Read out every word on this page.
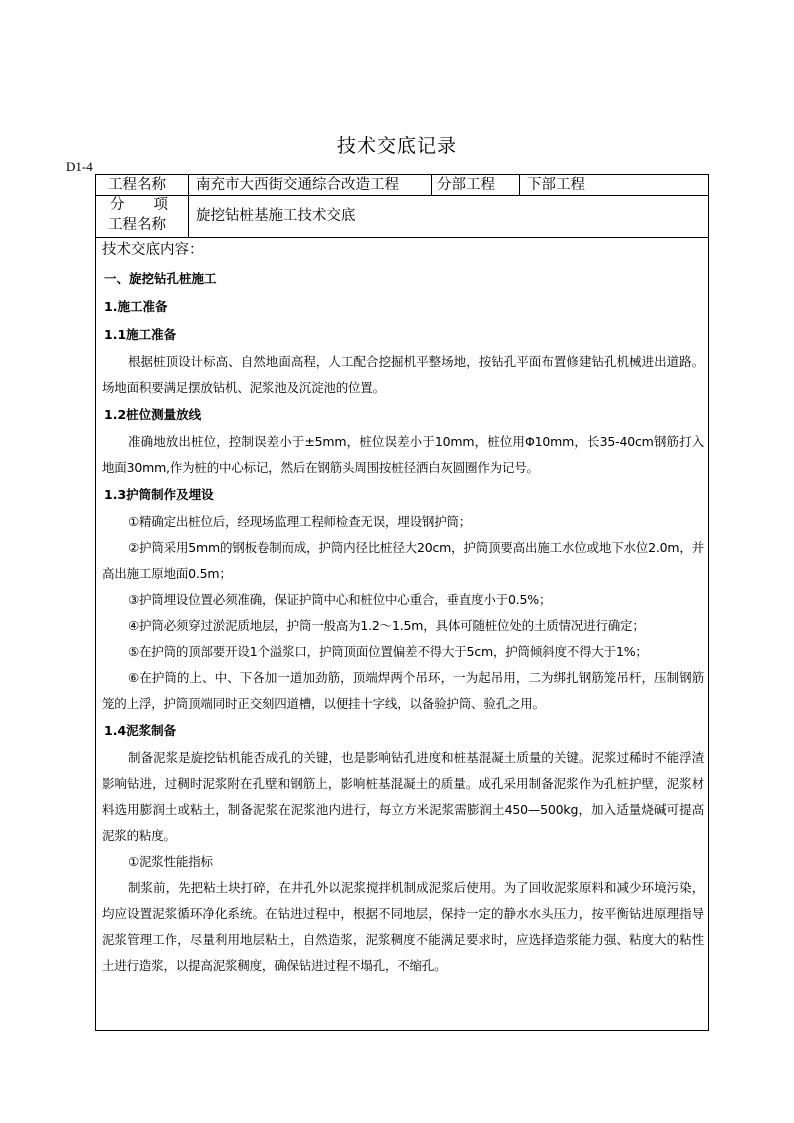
技术交底记录
D1-4
工程名称 南充市大西街交通综合改造工程	分部工程 下部工程
分　　项
工程名称
旋挖钻桩基施工技术交底
技术交底内容：
一、旋挖钻孔桩施工
1.施工准备
1.1施工准备

根据桩顶设计标高、自然地面高程，人工配合挖掘机平整场地，按钻孔平面布置修建钻孔机械进出道路。场地面积要满足摆放钻机、泥浆池及沉淀池的位置。

1.2桩位测量放线

准确地放出桩位，控制误差小于±5mm，桩位误差小于10mm，桩位用Φ10mm，长35-40cm钢筋打入地面30mm,作为桩的中心标记，然后在钢筋头周围按桩径洒白灰圆圈作为记号。

1.3护筒制作及埋设

①精确定出桩位后，经现场监理工程师检查无误，埋设钢护筒；

②护筒采用5mm的钢板卷制而成，护筒内径比桩径大20cm，护筒顶要高出施工水位或地下水位2.0m，并高出施工原地面0.5m；

③护筒埋设位置必须准确，保证护筒中心和桩位中心重合，垂直度小于0.5%；

④护筒必须穿过淤泥质地层，护筒一般高为1.2～1.5m，具体可随桩位处的土质情况进行确定；

⑤在护筒的顶部要开设1个溢浆口，护筒顶面位置偏差不得大于5cm，护筒倾斜度不得大于1%；

⑥在护筒的上、中、下各加一道加劲筋，顶端焊两个吊环，一为起吊用，二为绑扎钢筋笼吊杆，压制钢筋笼的上浮，护筒顶端同时正交刻四道槽，以便挂十字线，以备验护筒、验孔之用。

1.4泥浆制备

制备泥浆是旋挖钻机能否成孔的关键，也是影响钻孔进度和桩基混凝土质量的关键。泥浆过稀时不能浮渣影响钻进，过稠时泥浆附在孔壁和钢筋上，影响桩基混凝土的质量。成孔采用制备泥浆作为孔桩护壁，泥浆材料选用膨润土或粘土，制备泥浆在泥浆池内进行，每立方米泥浆需膨润土450—500kg，加入适量烧碱可提高泥浆的粘度。

①泥浆性能指标

制浆前，先把粘土块打碎，在井孔外以泥浆搅拌机制成泥浆后使用。为了回收泥浆原料和减少环境污染，均应设置泥浆循环净化系统。在钻进过程中，根据不同地层，保持一定的静水水头压力，按平衡钻进原理指导泥浆管理工作，尽量利用地层粘土，自然造浆，泥浆稠度不能满足要求时，应选择造浆能力强、粘度大的粘性土进行造浆，以提高泥浆稠度，确保钻进过程不塌孔，不缩孔。
